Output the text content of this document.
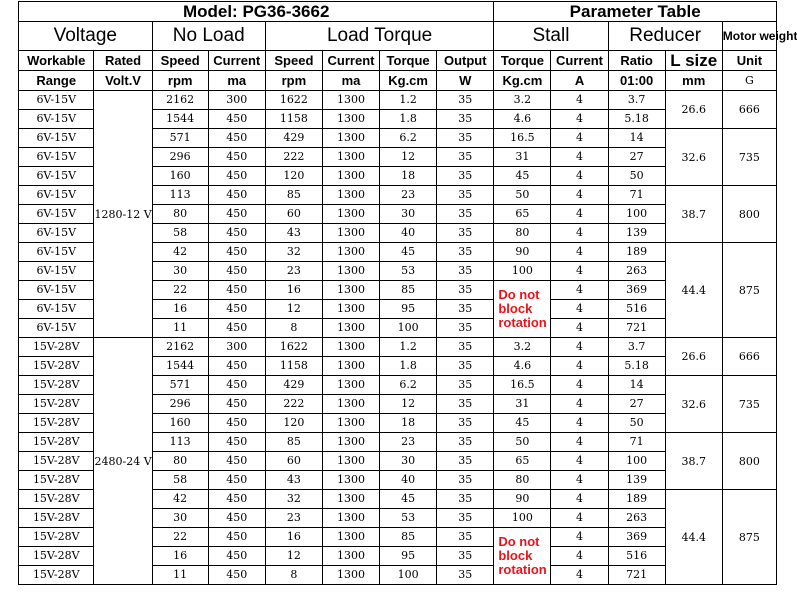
Model: PG36-3662								Parameter Table				
Voltage		No Load		Load Torque				Stall		Reducer		Motor weight
Workable	Rated	Speed	Current	Speed	Current	Torque	Output	Torque	Current	Ratio	L size	Unit
Range	Volt.V	rpm	ma	rpm	ma	Kg.cm	W	Kg.cm	A	01:00	mm	G
6V-15V	1280-12 V	2162	300	1622	1300	1.2	35	3.2	4	3.7	26.6	666
6V-15V		1544	450	1158	1300	1.8	35	4.6	4	5.18		
6V-15V		571	450	429	1300	6.2	35	16.5	4	14	32.6	735
6V-15V		296	450	222	1300	12	35	31	4	27		
6V-15V		160	450	120	1300	18	35	45	4	50		
6V-15V		113	450	85	1300	23	35	50	4	71	38.7	800
6V-15V		80	450	60	1300	30	35	65	4	100		
6V-15V		58	450	43	1300	40	35	80	4	139		
6V-15V		42	450	32	1300	45	35	90	4	189	44.4	875
6V-15V		30	450	23	1300	53	35	100	4	263		
6V-15V		22	450	16	1300	85	35	Do not block rotation	4	369		
6V-15V		16	450	12	1300	95	35		4	516		
6V-15V		11	450	8	1300	100	35		4	721		
15V-28V	2480-24 V	2162	300	1622	1300	1.2	35	3.2	4	3.7	26.6	666
15V-28V		1544	450	1158	1300	1.8	35	4.6	4	5.18		
15V-28V		571	450	429	1300	6.2	35	16.5	4	14	32.6	735
15V-28V		296	450	222	1300	12	35	31	4	27		
15V-28V		160	450	120	1300	18	35	45	4	50		
15V-28V		113	450	85	1300	23	35	50	4	71	38.7	800
15V-28V		80	450	60	1300	30	35	65	4	100		
15V-28V		58	450	43	1300	40	35	80	4	139		
15V-28V		42	450	32	1300	45	35	90	4	189	44.4	875
15V-28V		30	450	23	1300	53	35	100	4	263		
15V-28V		22	450	16	1300	85	35	Do not block rotation	4	369		
15V-28V		16	450	12	1300	95	35		4	516		
15V-28V		11	450	8	1300	100	35		4	721		
